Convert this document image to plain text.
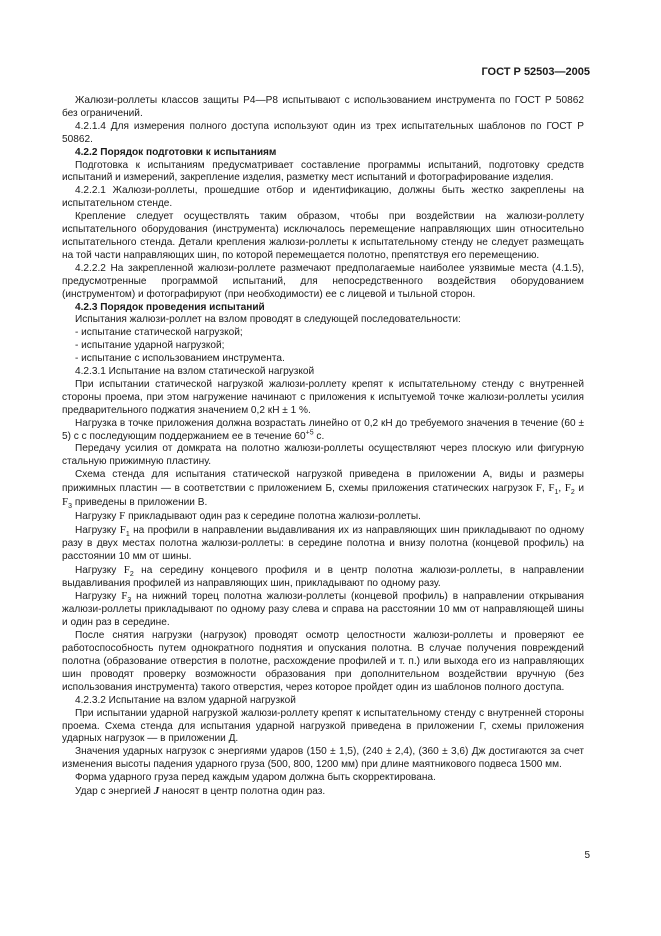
ГОСТ Р 52503—2005

Жалюзи-роллеты классов защиты Р4—Р8 испытывают с использованием инструмента по ГОСТ Р 50862 без ограничений.

4.2.1.4 Для измерения полного доступа используют один из трех испытательных шаблонов по ГОСТ Р 50862.

4.2.2 Порядок подготовки к испытаниям

Подготовка к испытаниям предусматривает составление программы испытаний, подготовку средств испытаний и измерений, закрепление изделия, разметку мест испытаний и фотографирование изделия.

4.2.2.1 Жалюзи-роллеты, прошедшие отбор и идентификацию, должны быть жестко закреплены на испытательном стенде.

Крепление следует осуществлять таким образом, чтобы при воздействии на жалюзи-роллету испытательного оборудования (инструмента) исключалось перемещение направляющих шин относительно испытательного стенда. Детали крепления жалюзи-роллеты к испытательному стенду не следует размещать на той части направляющих шин, по которой перемещается полотно, препятствуя его перемещению.

4.2.2.2 На закрепленной жалюзи-роллете размечают предполагаемые наиболее уязвимые места (4.1.5), предусмотренные программой испытаний, для непосредственного воздействия оборудованием (инструментом) и фотографируют (при необходимости) ее с лицевой и тыльной сторон.

4.2.3 Порядок проведения испытаний

Испытания жалюзи-роллет на взлом проводят в следующей последовательности:

- испытание статической нагрузкой;

- испытание ударной нагрузкой;

- испытание с использованием инструмента.

4.2.3.1 Испытание на взлом статической нагрузкой

При испытании статической нагрузкой жалюзи-роллету крепят к испытательному стенду с внутренней стороны проема, при этом нагружение начинают с приложения к испытуемой точке жалюзи-роллеты усилия предварительного поджатия значением 0,2 кН ± 1 %.

Нагрузка в точке приложения должна возрастать линейно от 0,2 кН до требуемого значения в течение (60 ± 5) с с последующим поддержанием ее в течение $60^{+5}$ с.

Передачу усилия от домкрата на полотно жалюзи-роллеты осуществляют через плоскую или фигурную стальную прижимную пластину.

Схема стенда для испытания статической нагрузкой приведена в приложении А, виды и размеры прижимных пластин — в соответствии с приложением Б, схемы приложения статических нагрузок F, $F_1$, $F_2$ и $F_3$ приведены в приложении В.

Нагрузку F прикладывают один раз к середине полотна жалюзи-роллеты.

Нагрузку $F_1$ на профили в направлении выдавливания их из направляющих шин прикладывают по одному разу в двух местах полотна жалюзи-роллеты: в середине полотна и внизу полотна (концевой профиль) на расстоянии 10 мм от шины.

Нагрузку $F_2$ на середину концевого профиля и в центр полотна жалюзи-роллеты, в направлении выдавливания профилей из направляющих шин, прикладывают по одному разу.

Нагрузку $F_3$ на нижний торец полотна жалюзи-роллеты (концевой профиль) в направлении открывания жалюзи-роллеты прикладывают по одному разу слева и справа на расстоянии 10 мм от направляющей шины и один раз в середине.

После снятия нагрузки (нагрузок) проводят осмотр целостности жалюзи-роллеты и проверяют ее работоспособность путем однократного поднятия и опускания полотна. В случае получения повреждений полотна (образование отверстия в полотне, расхождение профилей и т. п.) или выхода его из направляющих шин проводят проверку возможности образования при дополнительном воздействии вручную (без использования инструмента) такого отверстия, через которое пройдет один из шаблонов полного доступа.

4.2.3.2 Испытание на взлом ударной нагрузкой

При испытании ударной нагрузкой жалюзи-роллету крепят к испытательному стенду с внутренней стороны проема. Схема стенда для испытания ударной нагрузкой приведена в приложении Г, схемы приложения ударных нагрузок — в приложении Д.

Значения ударных нагрузок с энергиями ударов (150 ± 1,5), (240 ± 2,4), (360 ± 3,6) Дж достигаются за счет изменения высоты падения ударного груза (500, 800, 1200 мм) при длине маятникового подвеса 1500 мм.

Форма ударного груза перед каждым ударом должна быть скорректирована.

Удар с энергией J наносят в центр полотна один раз.

5
